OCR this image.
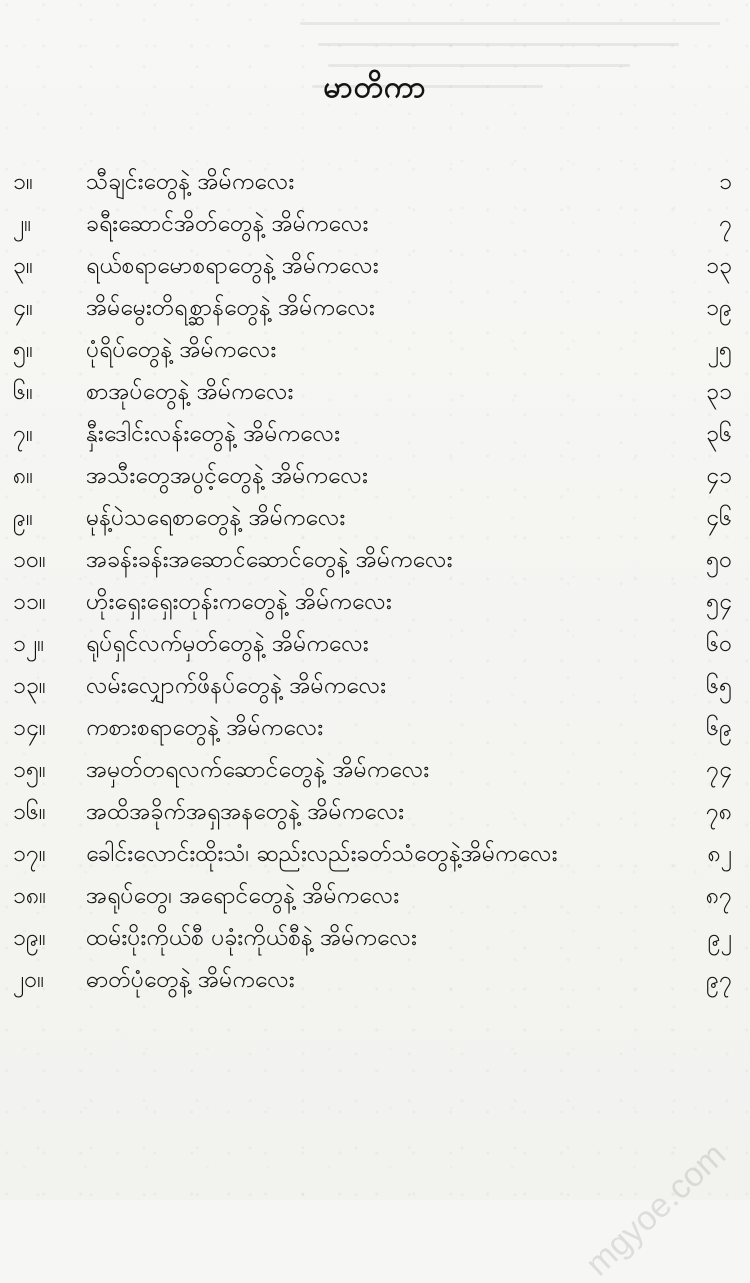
မာတိကာ
၁။	သီချင်းတွေနဲ့ အိမ်ကလေး	၁
၂။	ခရီးဆောင်အိတ်တွေနဲ့ အိမ်ကလေး	၇
၃။	ရယ်စရာမောစရာတွေနဲ့ အိမ်ကလေး	၁၃
၄။	အိမ်မွေးတိရစ္ဆာန်တွေနဲ့ အိမ်ကလေး	၁၉
၅။	ပုံရိပ်တွေနဲ့ အိမ်ကလေး	၂၅
၆။	စာအုပ်တွေနဲ့ အိမ်ကလေး	၃၁
၇။	နှီးဒေါင်းလန်းတွေနဲ့ အိမ်ကလေး	၃၆
၈။	အသီးတွေအပွင့်တွေနဲ့ အိမ်ကလေး	၄၁
၉။	မုန့်ပဲသရေစာတွေနဲ့ အိမ်ကလေး	၄၆
၁၀။	အခန်းခန်းအဆောင်ဆောင်တွေနဲ့ အိမ်ကလေး	၅၀
၁၁။	ဟိုးရှေးရှေးတုန်းကတွေနဲ့ အိမ်ကလေး	၅၄
၁၂။	ရုပ်ရှင်လက်မှတ်တွေနဲ့ အိမ်ကလေး	၆၀
၁၃။	လမ်းလျှောက်ဖိနပ်တွေနဲ့ အိမ်ကလေး	၆၅
၁၄။	ကစားစရာတွေနဲ့ အိမ်ကလေး	၆၉
၁၅။	အမှတ်တရလက်ဆောင်တွေနဲ့ အိမ်ကလေး	၇၄
၁၆။	အထိအခိုက်အရှအနတွေနဲ့ အိမ်ကလေး	၇၈
၁၇။	ခေါင်းလောင်းထိုးသံ၊ ဆည်းလည်းခတ်သံတွေနဲ့အိမ်ကလေး	၈၂
၁၈။	အရုပ်တွေ၊ အရောင်တွေနဲ့ အိမ်ကလေး	၈၇
၁၉။	ထမ်းပိုးကိုယ်စီ ပခုံးကိုယ်စီနဲ့ အိမ်ကလေး	၉၂
၂၀။	ဓာတ်ပုံတွေနဲ့ အိမ်ကလေး	၉၇
mgyoe.com
